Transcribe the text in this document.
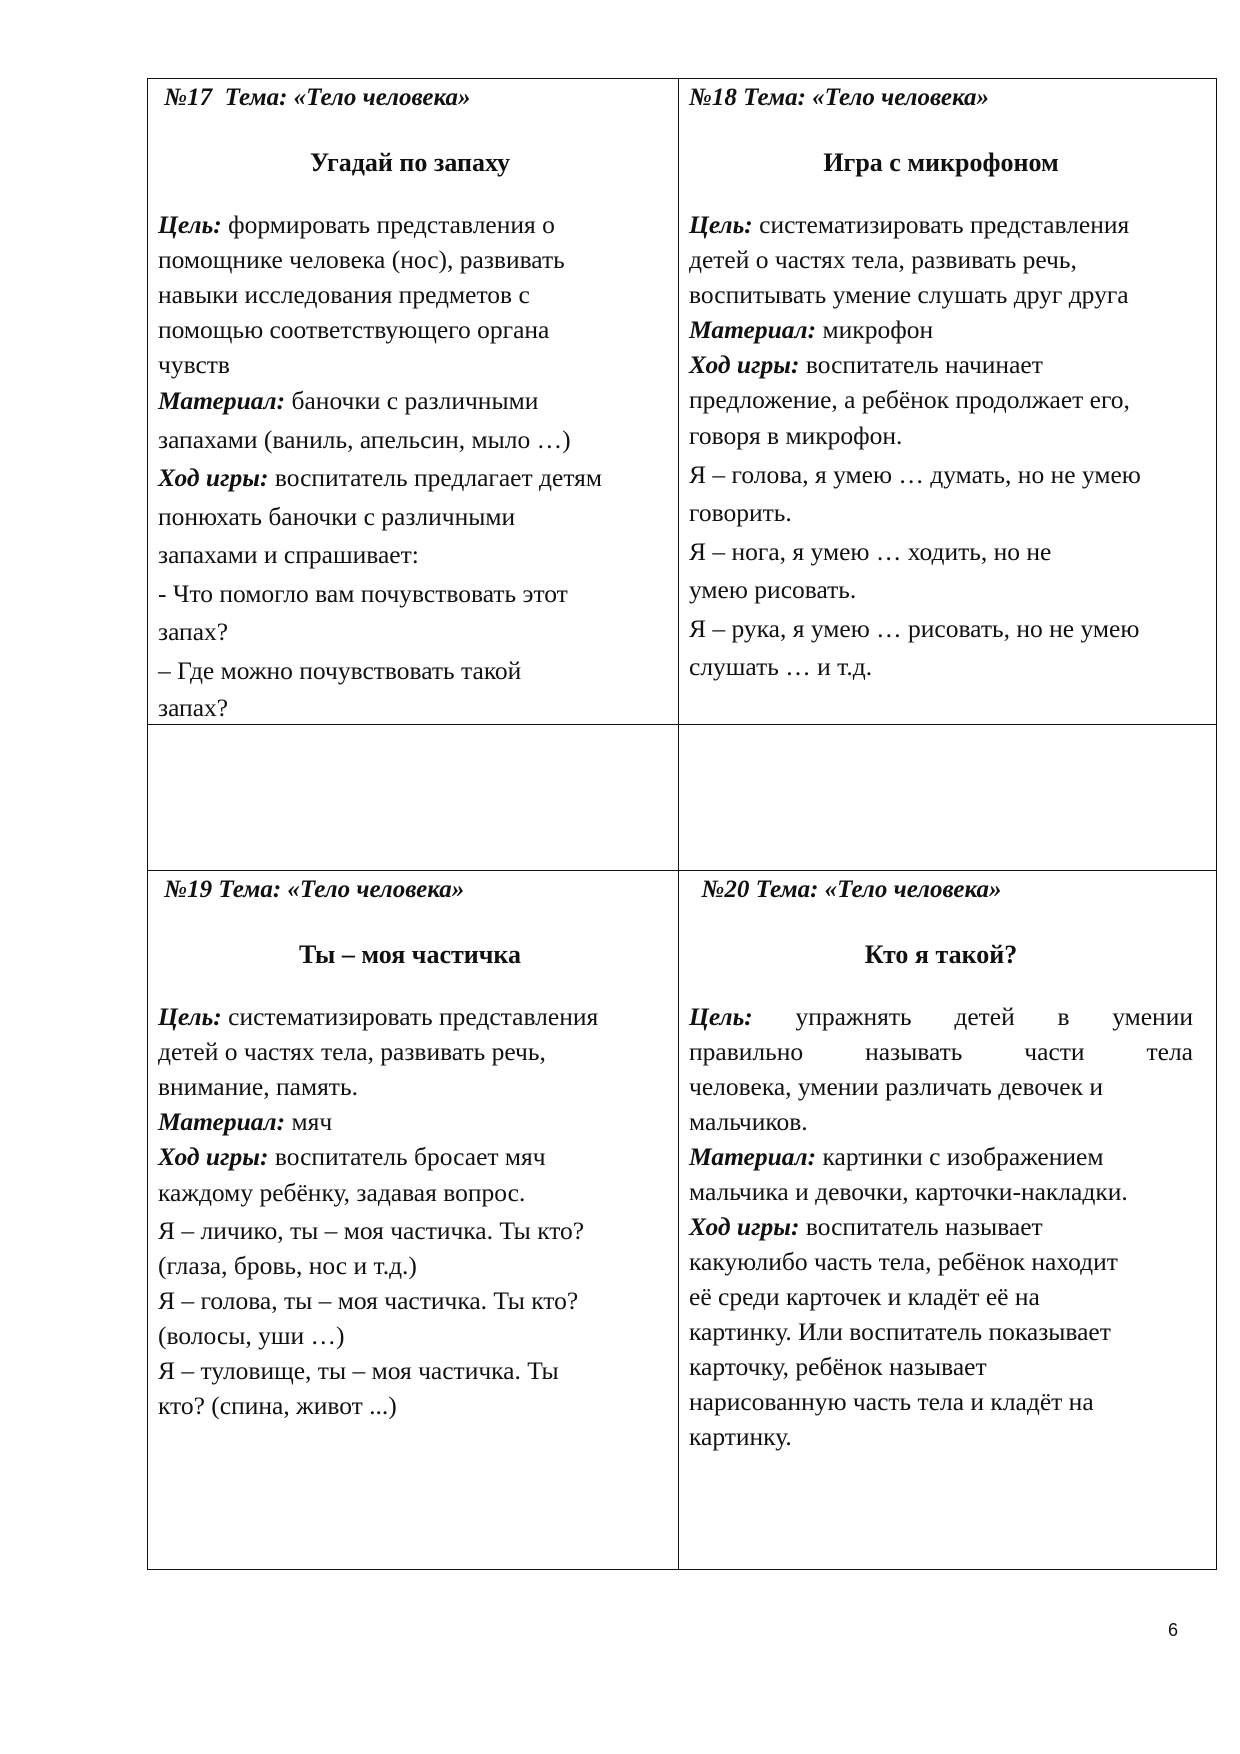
№17  Тема: «Тело человека»
Угадай по запаху
Цель: формировать представления о
помощнике человека (нос), развивать
навыки исследования предметов с
помощью соответствующего органа
чувств
Материал: баночки с различными
запахами (ваниль, апельсин, мыло …)
Ход игры: воспитатель предлагает детям
понюхать баночки с различными
запахами и спрашивает:
- Что помогло вам почувствовать этот
запах?
– Где можно почувствовать такой
запах?
№18 Тема: «Тело человека»
Игра с микрофоном
Цель: систематизировать представления
детей о частях тела, развивать речь,
воспитывать умение слушать друг друга
Материал: микрофон
Ход игры: воспитатель начинает
предложение, а ребёнок продолжает его,
говоря в микрофон.
Я – голова, я умею … думать, но не умею
говорить.
Я – нога, я умею … ходить, но не
умею рисовать.
Я – рука, я умею … рисовать, но не умею
слушать … и т.д.
№19 Тема: «Тело человека»
Ты – моя частичка
Цель: систематизировать представления
детей о частях тела, развивать речь,
внимание, память.
Материал: мяч
Ход игры: воспитатель бросает мяч
каждому ребёнку, задавая вопрос.
Я – личико, ты – моя частичка. Ты кто?
(глаза, бровь, нос и т.д.)
Я – голова, ты – моя частичка. Ты кто?
(волосы, уши …)
Я – туловище, ты – моя частичка. Ты
кто? (спина, живот ...)
№20 Тема: «Тело человека»
Кто я такой?
Цель: упражнять детей в умении
правильно называть части тела
человека, умении различать девочек и
мальчиков.
Материал: картинки с изображением
мальчика и девочки, карточки-накладки.
Ход игры: воспитатель называет
какуюлибо часть тела, ребёнок находит
её среди карточек и кладёт её на
картинку. Или воспитатель показывает
карточку, ребёнок называет
нарисованную часть тела и кладёт на
картинку.
6
